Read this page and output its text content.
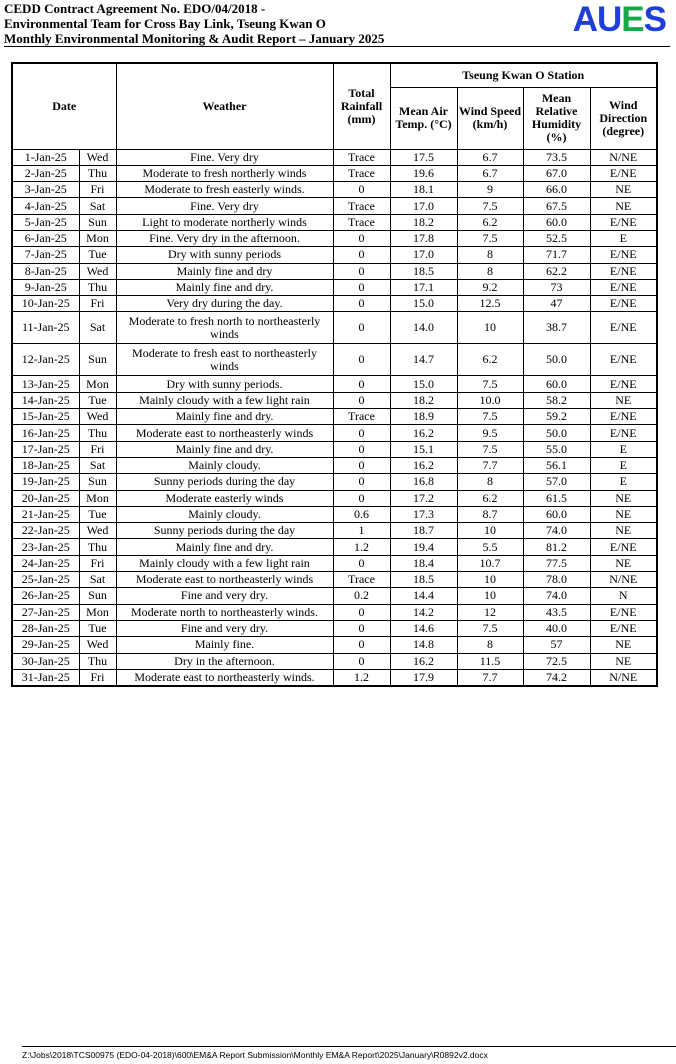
CEDD Contract Agreement No. EDO/04/2018 -
Environmental Team for Cross Bay Link, Tseung Kwan O
Monthly Environmental Monitoring & Audit Report – January 2025	AUES
Date		Weather	Total Rainfall (mm)	Tseung Kwan O Station			
				Mean Air Temp. (°C)	Wind Speed (km/h)	Mean Relative Humidity (%)	Wind Direction (degree)
1-Jan-25	Wed	Fine. Very dry	Trace	17.5	6.7	73.5	N/NE
2-Jan-25	Thu	Moderate to fresh northerly winds	Trace	19.6	6.7	67.0	E/NE
3-Jan-25	Fri	Moderate to fresh easterly winds.	0	18.1	9	66.0	NE
4-Jan-25	Sat	Fine. Very dry	Trace	17.0	7.5	67.5	NE
5-Jan-25	Sun	Light to moderate northerly winds	Trace	18.2	6.2	60.0	E/NE
6-Jan-25	Mon	Fine. Very dry in the afternoon.	0	17.8	7.5	52.5	E
7-Jan-25	Tue	Dry with sunny periods	0	17.0	8	71.7	E/NE
8-Jan-25	Wed	Mainly fine and dry	0	18.5	8	62.2	E/NE
9-Jan-25	Thu	Mainly fine and dry.	0	17.1	9.2	73	E/NE
10-Jan-25	Fri	Very dry during the day.	0	15.0	12.5	47	E/NE
11-Jan-25	Sat	Moderate to fresh north to northeasterly winds	0	14.0	10	38.7	E/NE
12-Jan-25	Sun	Moderate to fresh east to northeasterly winds	0	14.7	6.2	50.0	E/NE
13-Jan-25	Mon	Dry with sunny periods.	0	15.0	7.5	60.0	E/NE
14-Jan-25	Tue	Mainly cloudy with a few light rain	0	18.2	10.0	58.2	NE
15-Jan-25	Wed	Mainly fine and dry.	Trace	18.9	7.5	59.2	E/NE
16-Jan-25	Thu	Moderate east to northeasterly winds	0	16.2	9.5	50.0	E/NE
17-Jan-25	Fri	Mainly fine and dry.	0	15.1	7.5	55.0	E
18-Jan-25	Sat	Mainly cloudy.	0	16.2	7.7	56.1	E
19-Jan-25	Sun	Sunny periods during the day	0	16.8	8	57.0	E
20-Jan-25	Mon	Moderate easterly winds	0	17.2	6.2	61.5	NE
21-Jan-25	Tue	Mainly cloudy.	0.6	17.3	8.7	60.0	NE
22-Jan-25	Wed	Sunny periods during the day	1	18.7	10	74.0	NE
23-Jan-25	Thu	Mainly fine and dry.	1.2	19.4	5.5	81.2	E/NE
24-Jan-25	Fri	Mainly cloudy with a few light rain	0	18.4	10.7	77.5	NE
25-Jan-25	Sat	Moderate east to northeasterly winds	Trace	18.5	10	78.0	N/NE
26-Jan-25	Sun	Fine and very dry.	0.2	14.4	10	74.0	N
27-Jan-25	Mon	Moderate north to northeasterly winds.	0	14.2	12	43.5	E/NE
28-Jan-25	Tue	Fine and very dry.	0	14.6	7.5	40.0	E/NE
29-Jan-25	Wed	Mainly fine.	0	14.8	8	57	NE
30-Jan-25	Thu	Dry in the afternoon.	0	16.2	11.5	72.5	NE
31-Jan-25	Fri	Moderate east to northeasterly winds.	1.2	17.9	7.7	74.2	N/NE
Z:\Jobs\2018\TCS00975 (EDO-04-2018)\600\EM&A Report Submission\Monthly EM&A Report\2025\January\R0892v2.docx
